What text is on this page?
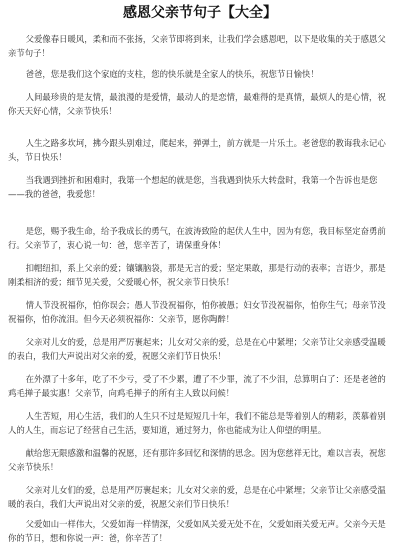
感恩父亲节句子【大全】

父爱像春日暖风，柔和而不张扬，父亲节即将到来，让我们学会感恩吧，以下是收集的关于感恩父亲节句子！

爸爸，您是我们这个家庭的支柱，您的快乐就是全家人的快乐，祝您节日愉快！

人间最珍贵的是友情，最浪漫的是爱情，最动人的是恋情，最难得的是真情，最烦人的是心情，祝你天天好心情，父亲节快乐！

人生之路多坎坷，拂今跟头别难过，爬起来，弹弹土，前方就是一片乐土。老爸您的教诲我永记心头，节日快乐！

当我遇到挫折和困难时，我第一个想起的就是您，当我遇到快乐大转盘时，我第一个告诉也是您——我的爸爸，我爱您！

是您，赐予我生命，给予我成长的勇气，在波涛致险的起伏人生中，因为有您，我目标坚定奋勇前行。父亲节了，衷心说一句：爸，您辛苦了，请保重身体！

扣帽纽扣，系上父亲的爱；镶镶脑袋，那是无言的爱；坚定果敢，那是行动的表率；言语少，那是刚柔相济的爱；细节见关爱，父爱暖心怀，祝父亲节日快乐！

情人节没祝福你，怕你误会；愚人节没祝福你，怕你被愚；妇女节没祝福你，怕你生气；母亲节没祝福你，怕你流泪。但今天必须祝福你：父亲节，愿你陶醉！

父亲对儿女的爱，总是用严厉裹起来；儿女对父亲的爱，总是在心中紧埋；父亲节让父亲感受温暖的表白，我们大声说出对父亲的爱，祝愿父亲们节日快乐！

在外漂了十多年，吃了不少亏，受了不少累，遭了不少罪，流了不少泪，总算明白了：还是老爸的鸡毛掸子最实惠！父亲节，向鸡毛掸子的所有主人致以问候！

人生苦短，用心生活，我们的人生只不过是短短几十年，我们不能总是等着别人的精彩，羡慕着别人的人生，而忘记了经营自己生活，要知道，通过努力，你也能成为让人仰望的明星。

献给您无限感激和温馨的祝愿，还有那许多回忆和深情的思念。因为您慈祥无比，难以言表，祝您父亲节快乐！

父亲对儿女们的爱，总是用严厉裹起来；儿女对父亲的爱，总是在心中紧埋；父亲节让父亲感受温暖的表白，我们大声说出对父亲的爱，祝愿父亲们节日快乐！

父爱如山一样伟大，父爱如海一样情深，父爱如风关爱无处不在，父爱如雨关爱无声。父亲今天是你的节日，想和你说一声：爸，你辛苦了！
